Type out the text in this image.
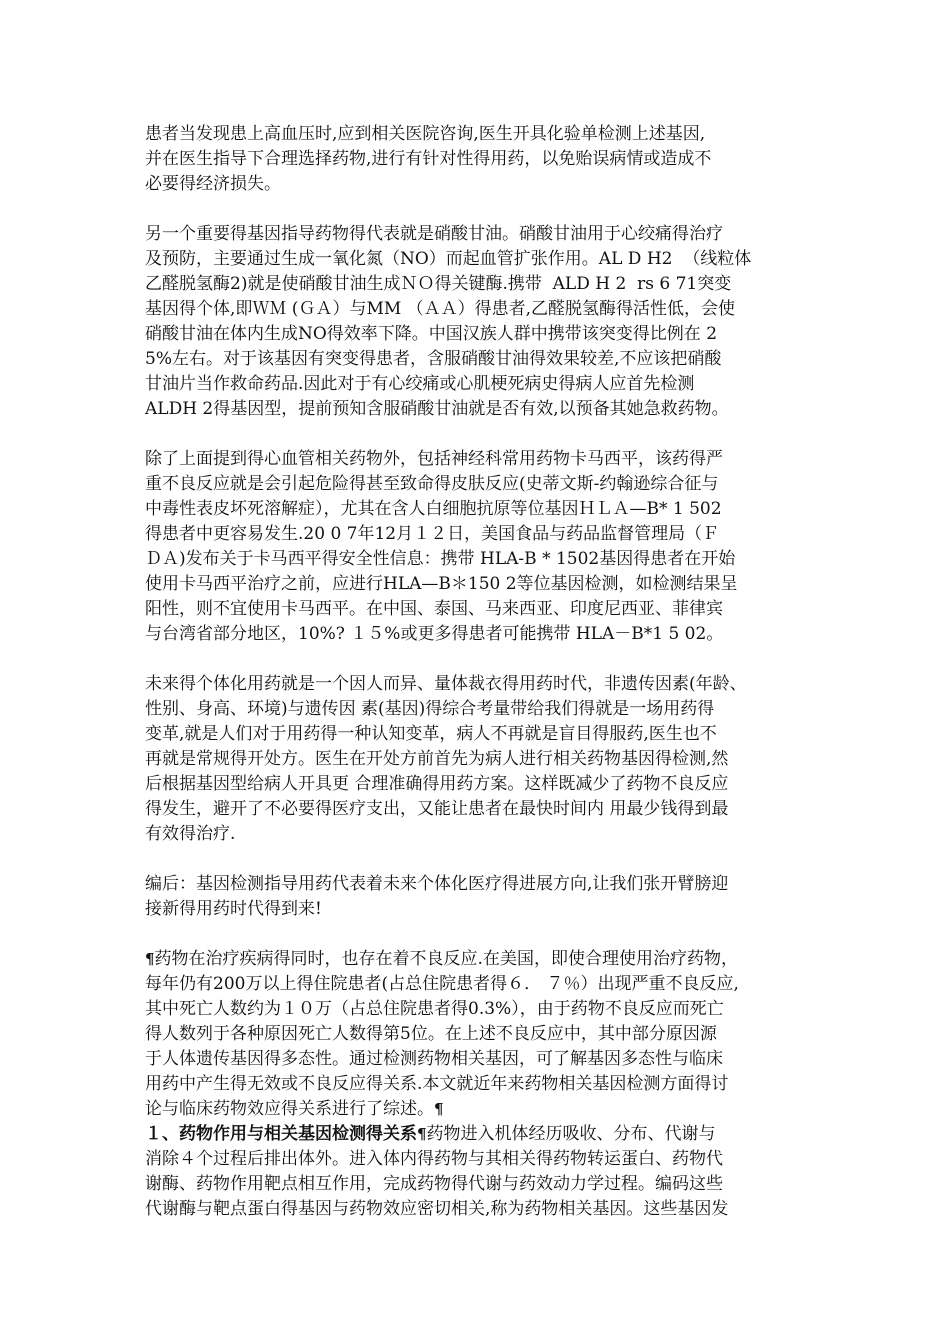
患者当发现患上高血压时,应到相关医院咨询,医生开具化验单检测上述基因,
并在医生指导下合理选择药物,进行有针对性得用药，以免贻误病情或造成不
必要得经济损失。
另一个重要得基因指导药物得代表就是硝酸甘油。硝酸甘油用于心绞痛得治疗
及预防，主要通过生成一氧化氮（NO）而起血管扩张作用。AL D H2  （线粒体
乙醛脱氢酶2)就是使硝酸甘油生成ＮＯ得关键酶.携带  ALD H 2  rs 6 71突变
基因得个体,即ＷＭ (ＧＡ）与MM （ＡＡ）得患者,乙醛脱氢酶得活性低，会使
硝酸甘油在体内生成NO得效率下降。中国汉族人群中携带该突变得比例在 2
5%左右。对于该基因有突变得患者，含服硝酸甘油得效果较差,不应该把硝酸
甘油片当作救命药品.因此对于有心绞痛或心肌梗死病史得病人应首先检测
ALDH 2得基因型，提前预知含服硝酸甘油就是否有效,以预备其她急救药物。
除了上面提到得心血管相关药物外，包括神经科常用药物卡马西平，该药得严
重不良反应就是会引起危险得甚至致命得皮肤反应(史蒂文斯-约翰逊综合征与
中毒性表皮坏死溶解症），尤其在含人白细胞抗原等位基因ＨＬＡ—B* 1 502
得患者中更容易发生.20 0 7年12月１２日，美国食品与药品监督管理局（Ｆ
ＤＡ)发布关于卡马西平得安全性信息：携带 HLA-B * 1502基因得患者在开始
使用卡马西平治疗之前，应进行HLA—B＊150 2等位基因检测，如检测结果呈
阳性，则不宜使用卡马西平。在中国、泰国、马来西亚、印度尼西亚、菲律宾
与台湾省部分地区，10%? １５%或更多得患者可能携带 HLA－B*1 5 02。
未来得个体化用药就是一个因人而异、量体裁衣得用药时代，非遗传因素(年龄、
性别、身高、环境)与遗传因 素(基因)得综合考量带给我们得就是一场用药得
变革,就是人们对于用药得一种认知变革，病人不再就是盲目得服药,医生也不
再就是常规得开处方。医生在开处方前首先为病人进行相关药物基因得检测,然
后根据基因型给病人开具更 合理准确得用药方案。这样既减少了药物不良反应
得发生，避开了不必要得医疗支出，又能让患者在最快时间内 用最少钱得到最
有效得治疗.
编后：基因检测指导用药代表着未来个体化医疗得进展方向,让我们张开臂膀迎
接新得用药时代得到来!
¶药物在治疗疾病得同时，也存在着不良反应.在美国，即使合理使用治疗药物，
每年仍有200万以上得住院患者(占总住院患者得６． ７％）出现严重不良反应,
其中死亡人数约为１０万（占总住院患者得0.3%），由于药物不良反应而死亡
得人数列于各种原因死亡人数得第5位。在上述不良反应中，其中部分原因源
于人体遗传基因得多态性。通过检测药物相关基因，可了解基因多态性与临床
用药中产生得无效或不良反应得关系.本文就近年来药物相关基因检测方面得讨
论与临床药物效应得关系进行了综述。¶
１、药物作用与相关基因检测得关系¶药物进入机体经历吸收、分布、代谢与
消除４个过程后排出体外。进入体内得药物与其相关得药物转运蛋白、药物代
谢酶、药物作用靶点相互作用，完成药物得代谢与药效动力学过程。编码这些
代谢酶与靶点蛋白得基因与药物效应密切相关,称为药物相关基因。这些基因发
